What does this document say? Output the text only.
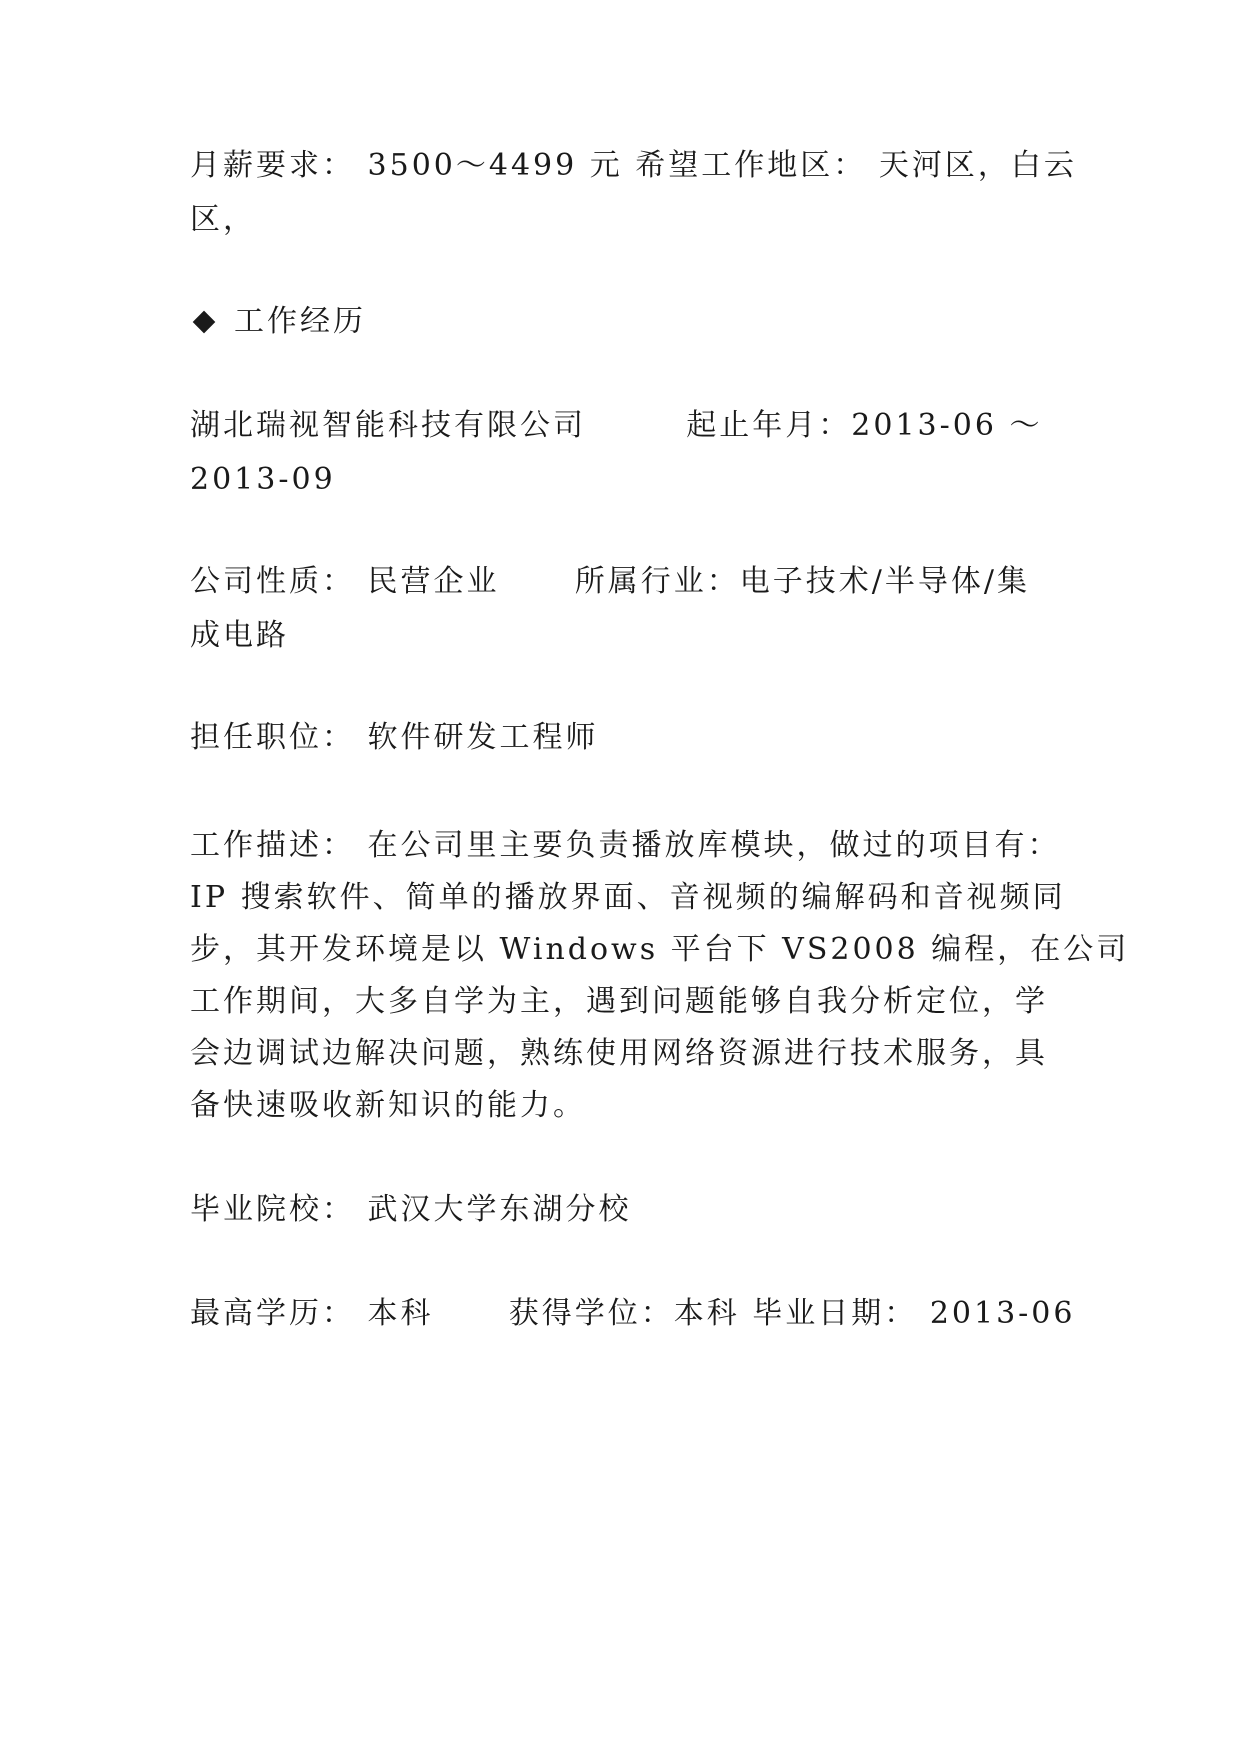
月薪要求： 3500～4499 元 希望工作地区： 天河区，白云
区，
工作经历
湖北瑞视智能科技有限公司        起止年月：2013-06 ～
2013-09
公司性质： 民营企业      所属行业：电子技术/半导体/集
成电路
担任职位： 软件研发工程师
工作描述： 在公司里主要负责播放库模块，做过的项目有：
IP 搜索软件、简单的播放界面、音视频的编解码和音视频同
步，其开发环境是以 Windows 平台下 VS2008 编程，在公司
工作期间，大多自学为主，遇到问题能够自我分析定位，学
会边调试边解决问题，熟练使用网络资源进行技术服务，具
备快速吸收新知识的能力。
毕业院校： 武汉大学东湖分校
最高学历： 本科      获得学位：本科 毕业日期： 2013-06
